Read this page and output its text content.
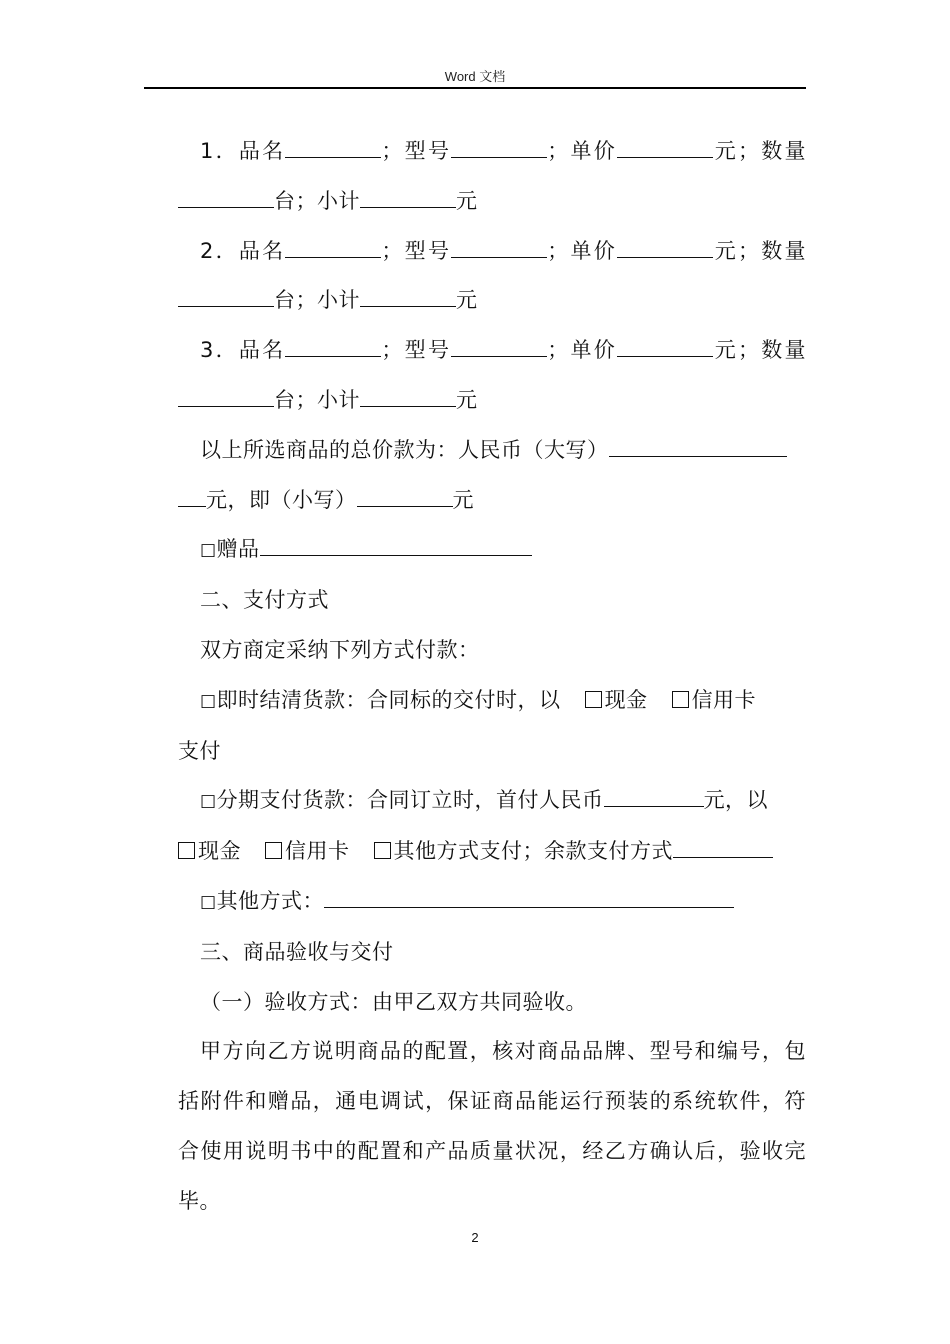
Word 文档

1．品名	；型号	；单价	元；数量

台；小计	元

2．品名	；型号	；单价	元；数量

台；小计	元

3．品名	；型号	；单价	元；数量

台；小计	元

以上所选商品的总价款为：人民币（大写）

元，即（小写）	元

□赠品

二、支付方式

双方商定采纳下列方式付款：

□即时结清货款：合同标的交付时，以 现金 信用卡

支付

□分期支付货款：合同订立时，首付人民币	元，以

现金 信用卡 其他方式支付；余款支付方式

□其他方式：

三、商品验收与交付

（一）验收方式：由甲乙双方共同验收。

甲方向乙方说明商品的配置，核对商品品牌、型号和编号，包

括附件和赠品，通电调试，保证商品能运行预装的系统软件，符

合使用说明书中的配置和产品质量状况，经乙方确认后，验收完

毕。

2
